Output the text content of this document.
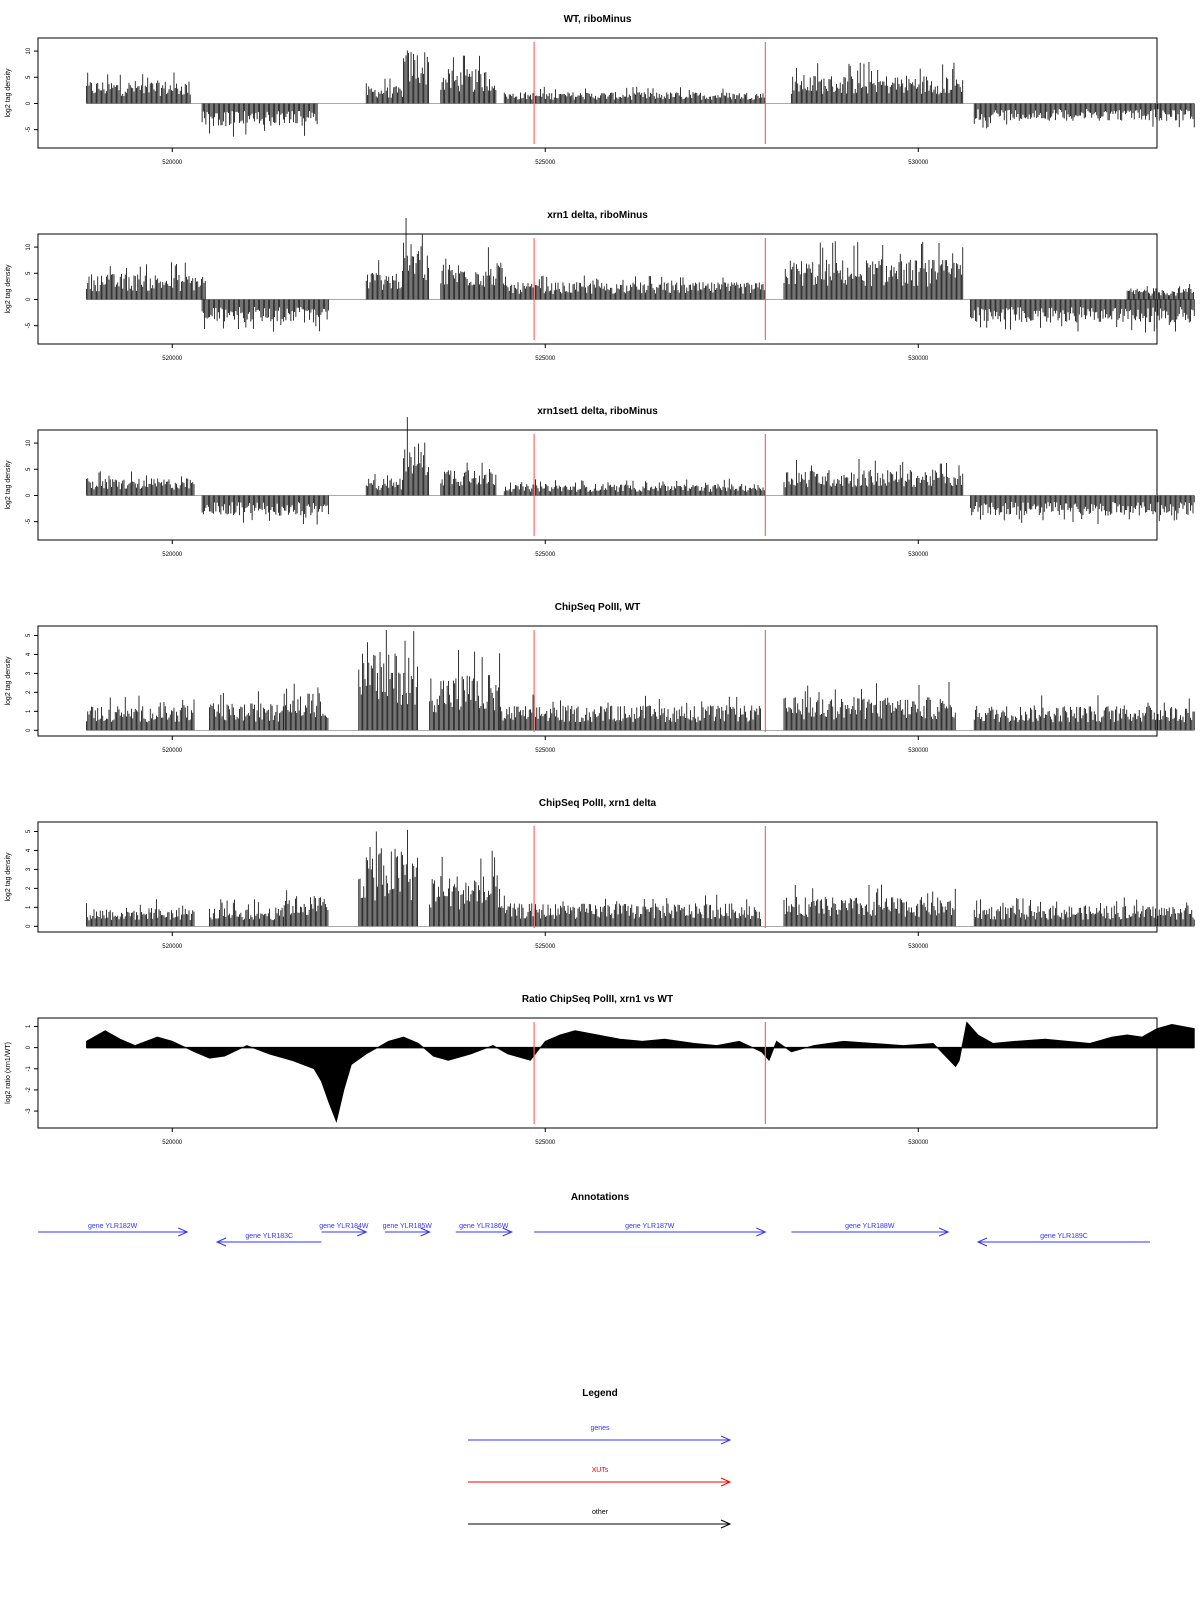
WT, riboMinus
log2 tag density
10
5
0
-5
520000	525000	530000
xrn1 delta, riboMinus
log2 tag density
10
5
0
-5
520000	525000	530000
xrn1set1 delta, riboMinus
log2 tag density
10
5
0
-5
520000	525000	530000
ChipSeq PolII, WT
log2 tag density
5
4
3
2
1
0
520000	525000	530000
ChipSeq PolII, xrn1 delta
log2 tag density
5
4
3
2
1
0
520000	525000	530000
Ratio ChipSeq PolII, xrn1 vs WT
log2 ratio (xrn1/WT)
1
0
-1
-2
-3
520000	525000	530000
Annotations
gene YLR182W
gene YLR183C
gene YLR184W gene YLR185W	gene YLR186W	gene YLR187W	gene YLR188W
gene YLR189C
Legend
genes
XUTs
other
